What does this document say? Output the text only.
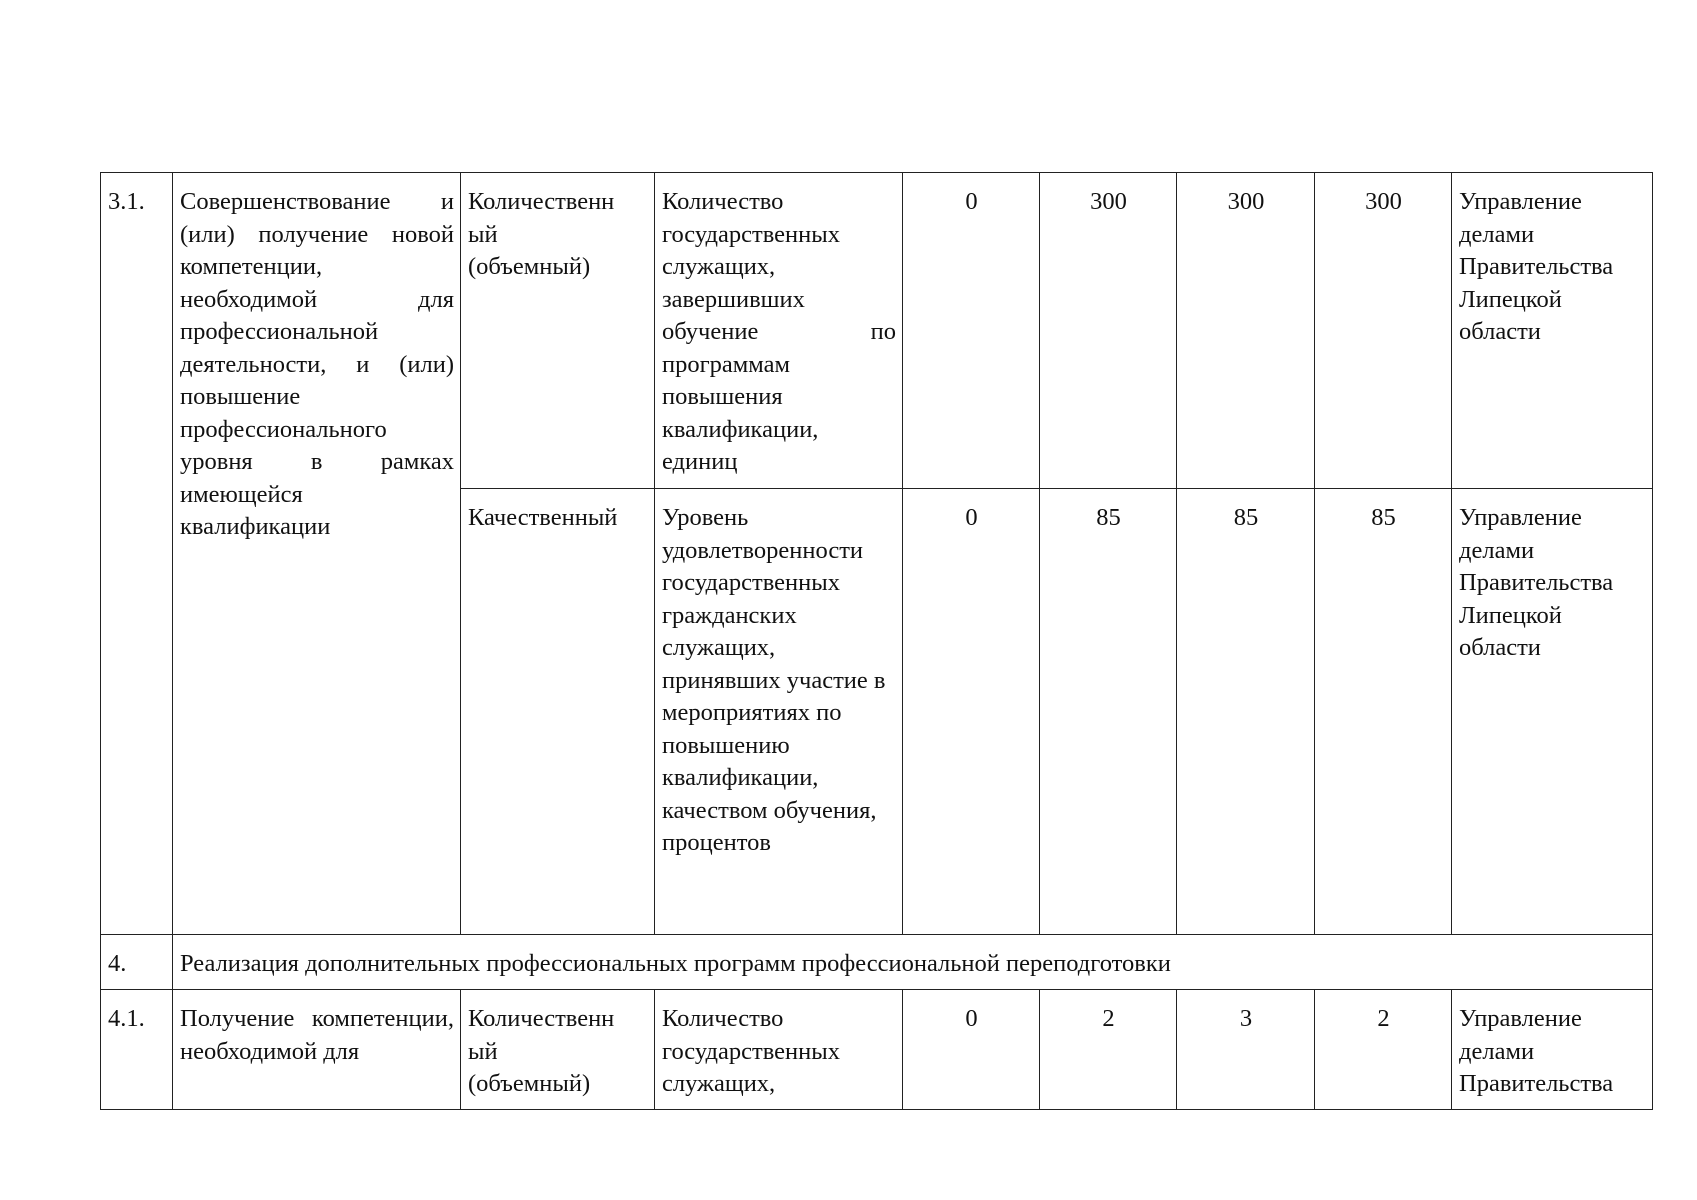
3.1.	Совершенствование и (или) получение новой компетенции, необходимой для профессиональной деятельности, и (или) повышение профессионального уровня в рамках имеющейся квалификации	Количественн
ый
(объемный)	Количество государственных служащих, завершивших обучение по программам повышения квалификации, единиц	0	300	300	300	Управление делами Правительства Липецкой области

		Качественный	Уровень удовлетворенности государственных гражданских служащих, принявших участие в мероприятиях по повышению квалификации, качеством обучения, процентов	0	85	85	85	Управление делами Правительства Липецкой области
4.	Реализация дополнительных профессиональных программ профессиональной переподготовки							
4.1.	Получение компетенции, необходимой для	Количественн
ый
(объемный)	Количество государственных служащих,	0	2	3	2	Управление делами Правительства
